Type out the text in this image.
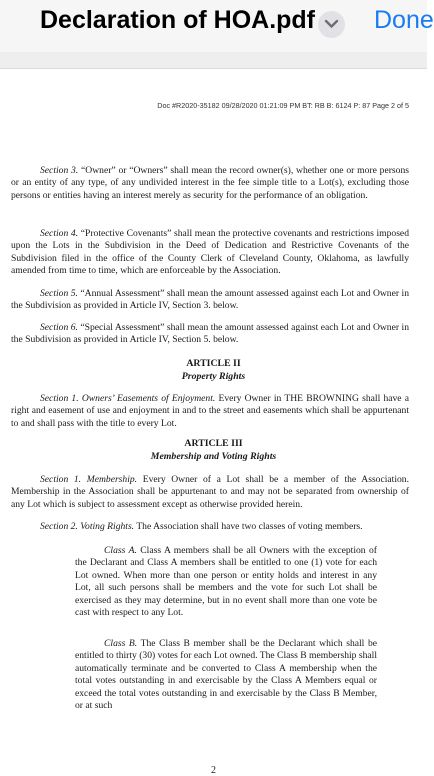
Declaration of HOA.pdf Done
Doc #R2020-35182 09/28/2020 01:21:09 PM BT: RB B: 6124 P: 87 Page 2 of 5
Section 3. “Owner” or “Owners” shall mean the record owner(s), whether one or more persons or an entity of any type, of any undivided interest in the fee simple title to a Lot(s), excluding those persons or entities having an interest merely as security for the performance of an obligation.
Section 4. “Protective Covenants” shall mean the protective covenants and restrictions imposed upon the Lots in the Subdivision in the Deed of Dedication and Restrictive Covenants of the Subdivision filed in the office of the County Clerk of Cleveland County, Oklahoma, as lawfully amended from time to time, which are enforceable by the Association.
Section 5. “Annual Assessment” shall mean the amount assessed against each Lot and Owner in the Subdivision as provided in Article IV, Section 3. below.
Section 6. “Special Assessment” shall mean the amount assessed against each Lot and Owner in the Subdivision as provided in Article IV, Section 5. below.
ARTICLE II
Property Rights
Section 1. Owners’ Easements of Enjoyment. Every Owner in THE BROWNING shall have a right and easement of use and enjoyment in and to the street and easements which shall be appurtenant to and shall pass with the title to every Lot.
ARTICLE III
Membership and Voting Rights
Section 1. Membership. Every Owner of a Lot shall be a member of the Association. Membership in the Association shall be appurtenant to and may not be separated from ownership of any Lot which is subject to assessment except as otherwise provided herein.
Section 2. Voting Rights. The Association shall have two classes of voting members.
Class A. Class A members shall be all Owners with the exception of the Declarant and Class A members shall be entitled to one (1) vote for each Lot owned. When more than one person or entity holds and interest in any Lot, all such persons shall be members and the vote for such Lot shall be exercised as they may determine, but in no event shall more than one vote be cast with respect to any Lot.
Class B. The Class B member shall be the Declarant which shall be entitled to thirty (30) votes for each Lot owned. The Class B membership shall automatically terminate and be converted to Class A membership when the total votes outstanding in and exercisable by the Class A Members equal or exceed the total votes outstanding in and exercisable by the Class B Member, or at such
2
